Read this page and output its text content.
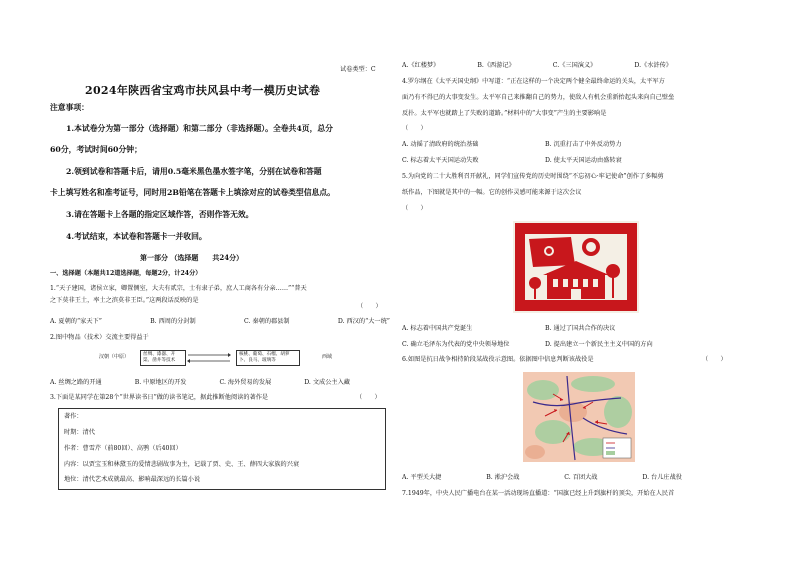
试卷类型：C
2024年陕西省宝鸡市扶风县中考一模历史试卷
注意事项：
1.本试卷分为第一部分（选择题）和第二部分（非选择题）。全卷共4页，总分
60分，考试时间60分钟；
2.领到试卷和答题卡后，请用0.5毫米黑色墨水签字笔，分别在试卷和答题
卡上填写姓名和准考证号，同时用2B铅笔在答题卡上填涂对应的试卷类型信息点。
3.请在答题卡上各题的指定区域作答，否则作答无效。
4.考试结束，本试卷和答题卡一并收回。
第一部分 （选择题　　共24分）
一、选择题（本题共12道选择题，每题2分，计24分）
1.“天子建国，诸侯立家，卿置侧室，大夫有贰宗，士有隶子弟，庶人工商各有分亲……”“普天
之下莫非王土，率土之滨莫非王臣。”这两段话反映的是
（　　）
A. 夏朝的“家天下”	B. 西周的分封制	C. 秦朝的郡县制	D. 西汉的“大一统”
2.图中物品（技术）交流主要得益于
汉朝（中原）	丝绸、漆器、开
渠、凿井等技术
核桃、葡萄、石榴、胡萝
卜、良马、玻璃等
西域
A. 丝绸之路的开通	B. 中原地区的开发	C. 海外贸易的发展	D. 文成公主入藏
3.下面是某同学在第28个“世界读书日”做的读书笔记，据此推断他阅读的著作是	（　　）
著作：
时期：清代
作者：曹雪芹（前80回）、高鹗（后40回）
内容：以贾宝玉和林黛玉的爱情悲剧故事为主，记载了贾、史、王、薛四大家族的兴衰
地位：清代艺术成就最高、影响最深远的长篇小说
A.《红楼梦》	B.《西游记》	C.《三国演义》	D.《水浒传》
4.罗尔纲在《太平天国史纲》中写道：“正在这样的一个决定两个健全最终命运的关头，太平军方
面乃有不得已的大事变发生。太平军自己来推翻自己的势力，使敌人有机会重新抬起头来向自己壁垒
反扑。太平军也就踏上了失败的道路。”材料中的“大事变”产生的主要影响是
（　　）
A. 动摇了清政府的统治基础	B. 沉重打击了中外反动势力
C. 标志着太平天国运动失败	D. 使太平天国运动由盛转衰
5.为向党的二十大胜利召开献礼，同学们宣传党的历史时围绕“不忘初心·牢记使命”创作了多幅剪
纸作品，下图就是其中的一幅。它的创作灵感可能来源于这次会议
（　　）
A. 标志着中国共产党诞生	B. 通过了国共合作的决议
C. 确立毛泽东为代表的党中央领导地位	D. 提出建立一个新民主主义中国的方向
6.如图是抗日战争相持阶段某战役示意图。依据图中信息判断该战役是	（　　）
A. 平型关大捷	B. 淞沪会战	C. 百团大战	D. 台儿庄战役
7.1949年，中央人民广播电台在某一活动现场直播道：“国旗已经上升到旗杆的顶尖，开始在人民首
